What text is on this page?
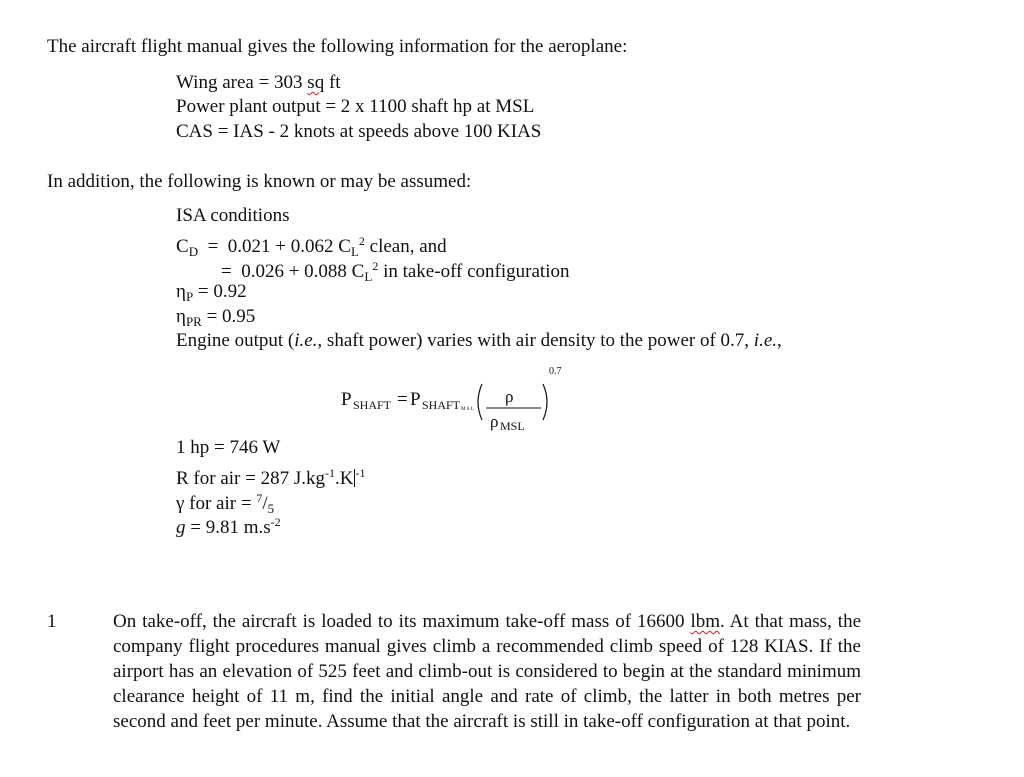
The aircraft flight manual gives the following information for the aeroplane:
Wing area = 303 sq ft
Power plant output = 2 x 1100 shaft hp at MSL
CAS = IAS - 2 knots at speeds above 100 KIAS
In addition, the following is known or may be assumed:
ISA conditions
$C_D = 0.021 + 0.062$ $C_L^2$ clean, and
=  0.026 + 0.088 $C_L^2$ in take-off configuration
$\eta_P = 0.92$
$\eta_{PR} = 0.95$
Engine output (i.e., shaft power) varies with air density to the power of 0.7, i.e.,
P SHAFT = P SHAFT M S L
ρ
ρ MSL
0.7
1 hp = 746 W
R for air = 287 $J.kg^{-1}.K$ $^{-1}$
γ for air = $^7/_5$
g = 9.81 $m.s^{-2}$
1	On take-off, the aircraft is loaded to its maximum take-off mass of 16600 lbm. At that mass, the company flight procedures manual gives climb a recommended climb speed of 128 KIAS. If the airport has an elevation of 525 feet and climb-out is considered to begin at the standard minimum clearance height of 11 m, find the initial angle and rate of climb, the latter in both metres per second and feet per minute. Assume that the aircraft is still in take-off configuration at that point.
